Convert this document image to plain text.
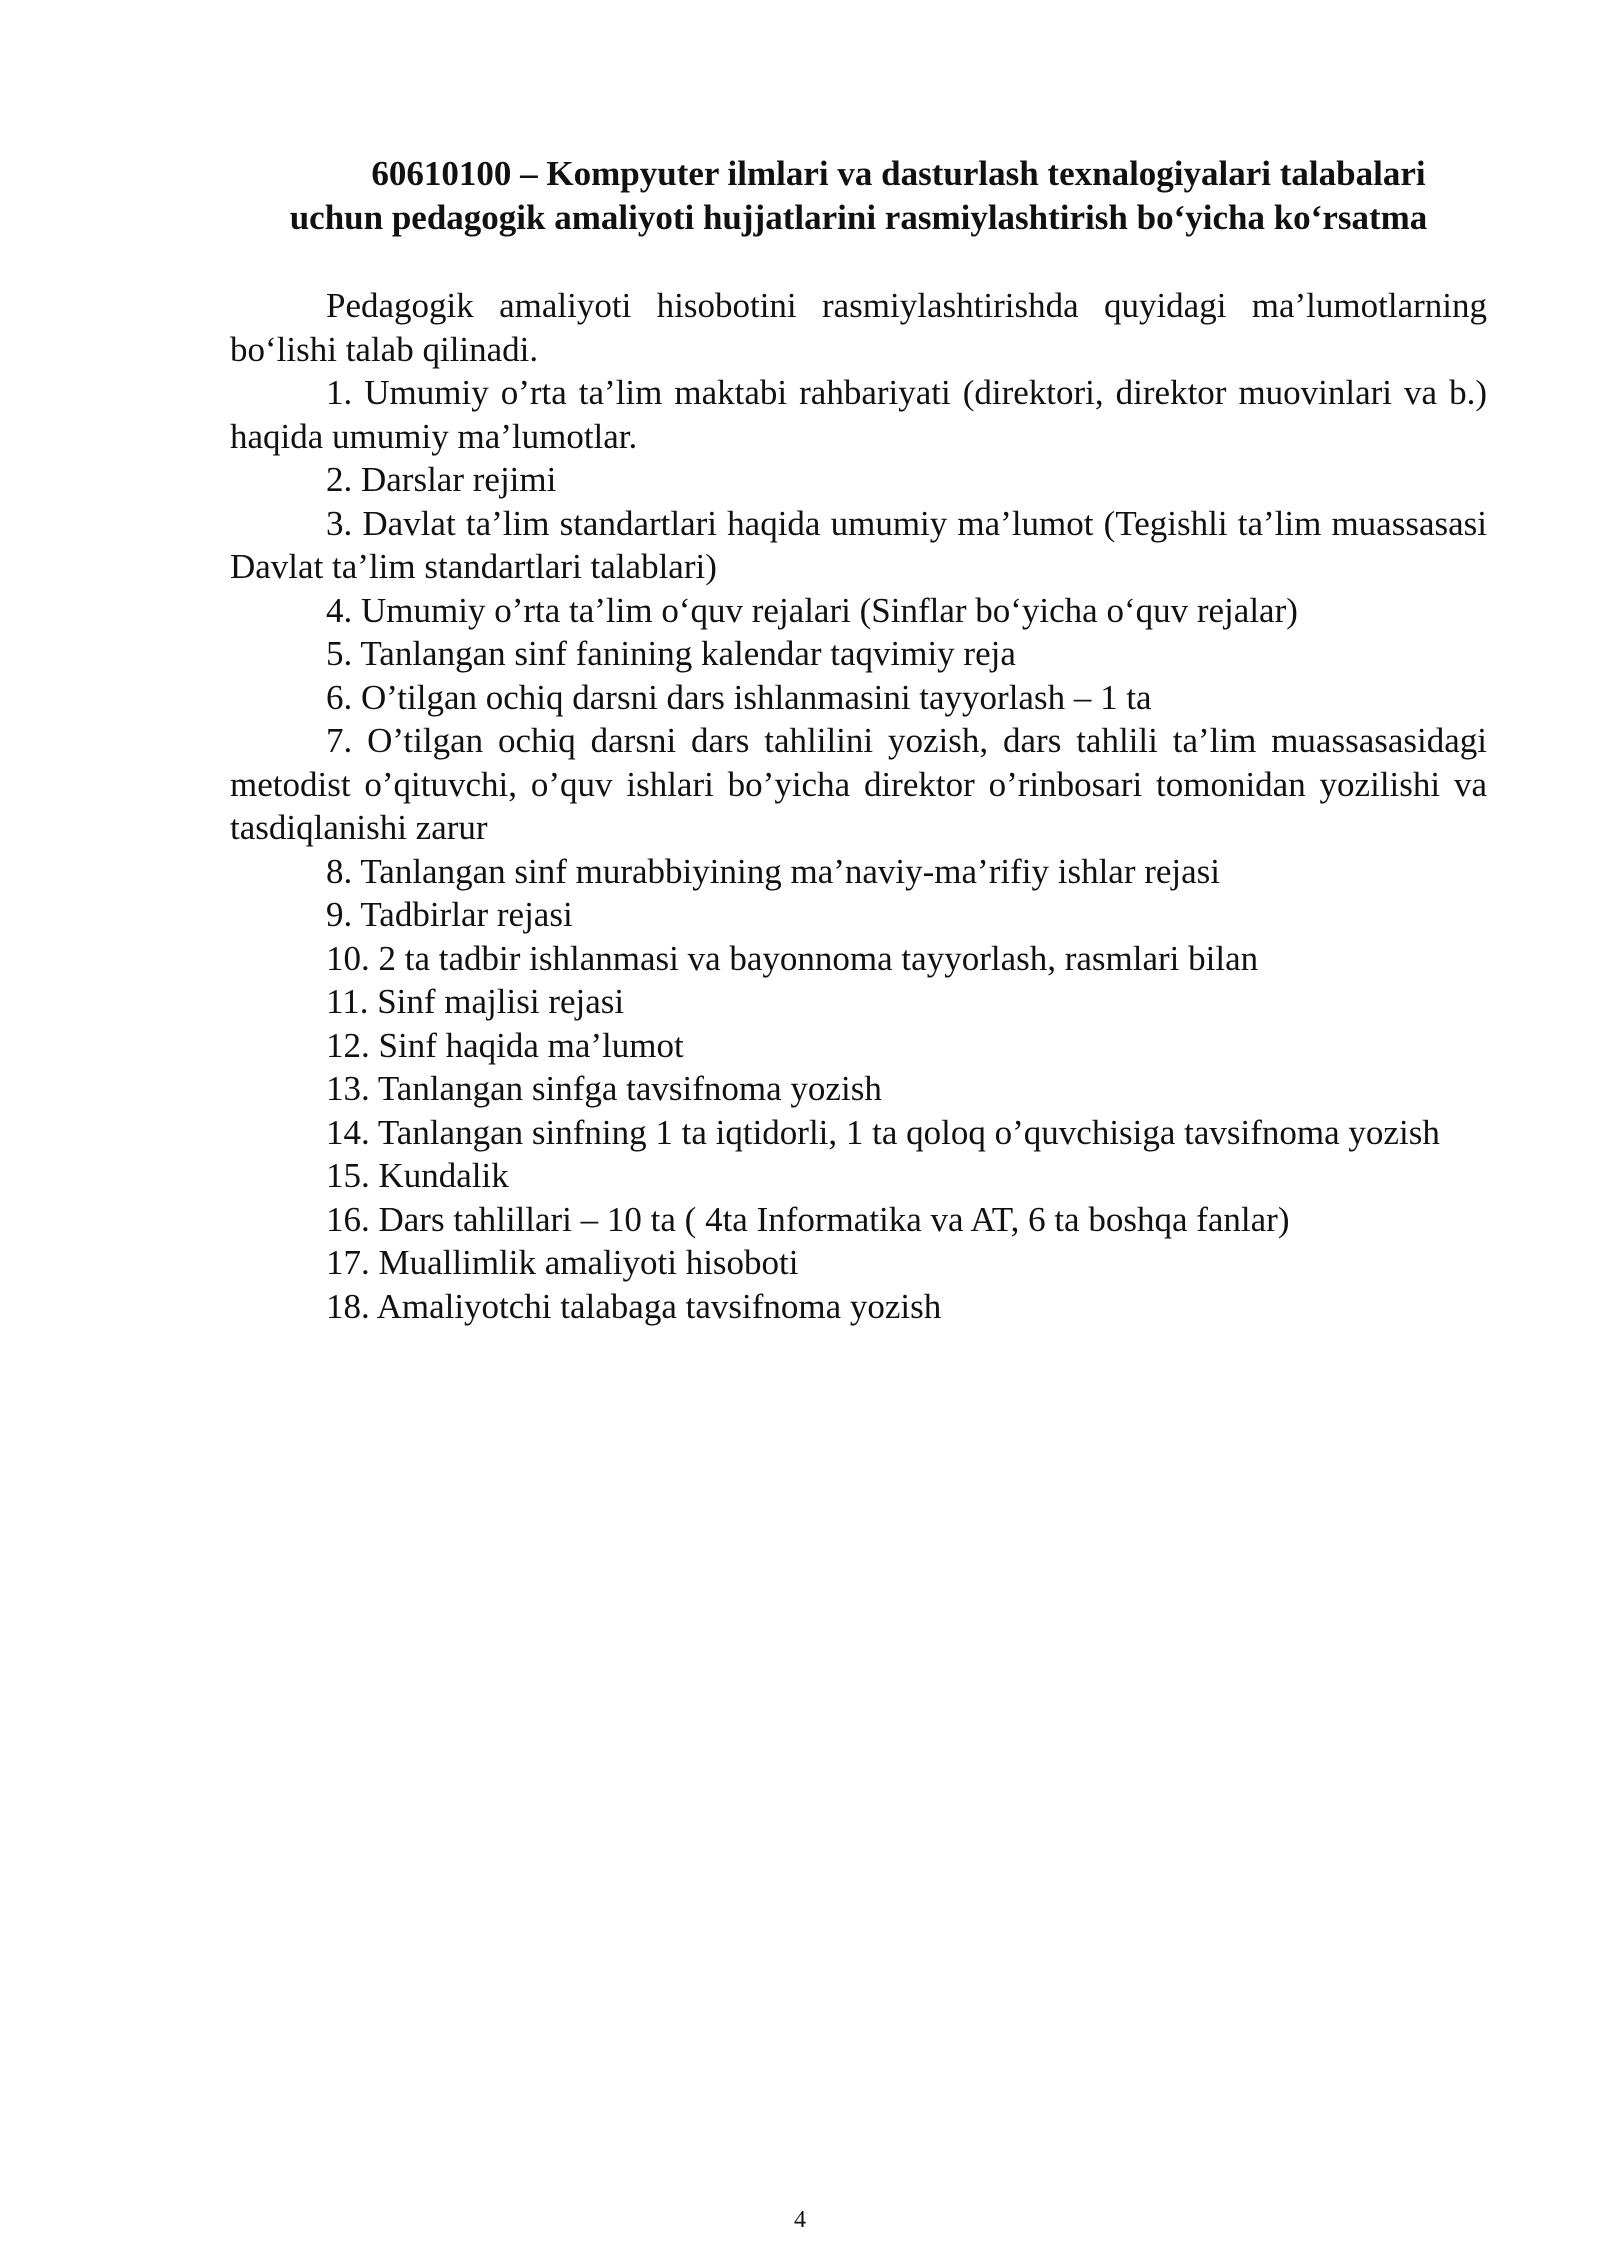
60610100 – Kompyuter ilmlari va dasturlash texnalogiyalari talabalari
uchun pedagogik amaliyoti hujjatlarini rasmiylashtirish bo‘yicha ko‘rsatma

Pedagogik amaliyoti hisobotini rasmiylashtirishda quyidagi ma’lumotlarning bo‘lishi talab qilinadi.

1. Umumiy o’rta ta’lim maktabi rahbariyati (direktori, direktor muovinlari va b.) haqida umumiy ma’lumotlar.

2. Darslar rejimi

3. Davlat ta’lim standartlari haqida umumiy ma’lumot (Tegishli ta’lim muassasasi Davlat ta’lim standartlari talablari)

4. Umumiy o’rta ta’lim o‘quv rejalari (Sinflar bo‘yicha o‘quv rejalar)

5. Tanlangan sinf fanining kalendar taqvimiy reja

6. O’tilgan ochiq darsni dars ishlanmasini tayyorlash – 1 ta

7. O’tilgan ochiq darsni dars tahlilini yozish, dars tahlili ta’lim muassasasidagi metodist o’qituvchi, o’quv ishlari bo’yicha direktor o’rinbosari tomonidan yozilishi va tasdiqlanishi zarur

8. Tanlangan sinf murabbiyining ma’naviy-ma’rifiy ishlar rejasi

9. Tadbirlar rejasi

10. 2 ta tadbir ishlanmasi va bayonnoma tayyorlash, rasmlari bilan

11. Sinf majlisi rejasi

12. Sinf haqida ma’lumot

13. Tanlangan sinfga tavsifnoma yozish

14. Tanlangan sinfning 1 ta iqtidorli, 1 ta qoloq o’quvchisiga tavsifnoma yozish

15. Kundalik

16. Dars tahlillari – 10 ta ( 4ta Informatika va AT, 6 ta boshqa fanlar)

17. Muallimlik amaliyoti hisoboti

18. Amaliyotchi talabaga tavsifnoma yozish

4
